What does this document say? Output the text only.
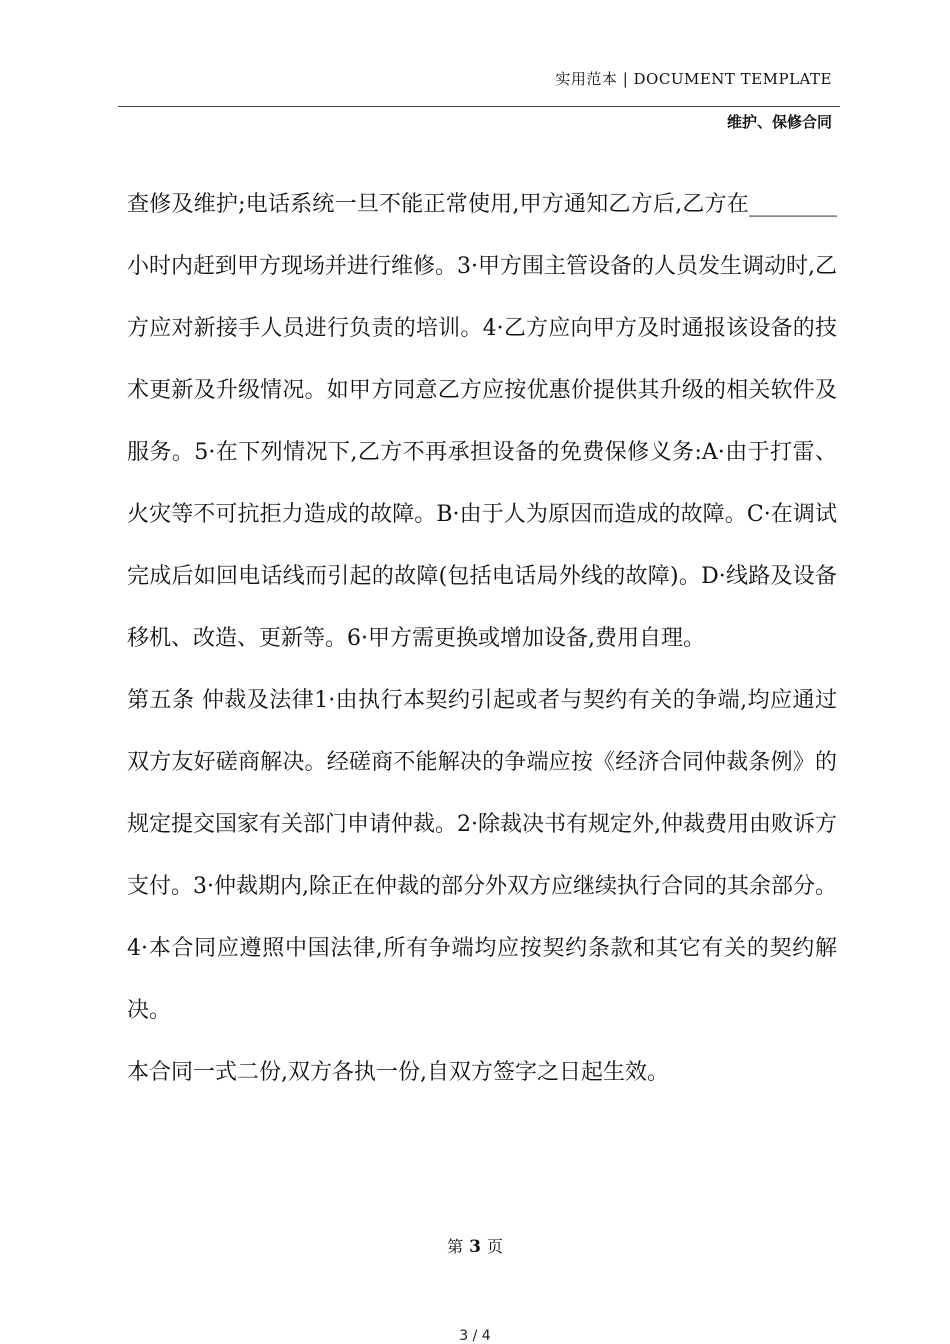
实用范本 | DOCUMENT TEMPLATE
维护、保修合同

查修及维护;电话系统一旦不能正常使用,甲方通知乙方后,乙方在________小时内赶到甲方现场并进行维修。3·甲方围主管设备的人员发生调动时,乙方应对新接手人员进行负责的培训。4·乙方应向甲方及时通报该设备的技术更新及升级情况。如甲方同意乙方应按优惠价提供其升级的相关软件及服务。5·在下列情况下,乙方不再承担设备的免费保修义务:A·由于打雷、火灾等不可抗拒力造成的故障。B·由于人为原因而造成的故障。C·在调试完成后如回电话线而引起的故障(包括电话局外线的故障)。D·线路及设备移机、改造、更新等。6·甲方需更换或增加设备,费用自理。

第五条 仲裁及法律1·由执行本契约引起或者与契约有关的争端,均应通过双方友好磋商解决。经磋商不能解决的争端应按《经济合同仲裁条例》的规定提交国家有关部门申请仲裁。2·除裁决书有规定外,仲裁费用由败诉方支付。3·仲裁期内,除正在仲裁的部分外双方应继续执行合同的其余部分。4·本合同应遵照中国法律,所有争端均应按契约条款和其它有关的契约解决。

本合同一式二份,双方各执一份,自双方签字之日起生效。

第 3 页
3 / 4
